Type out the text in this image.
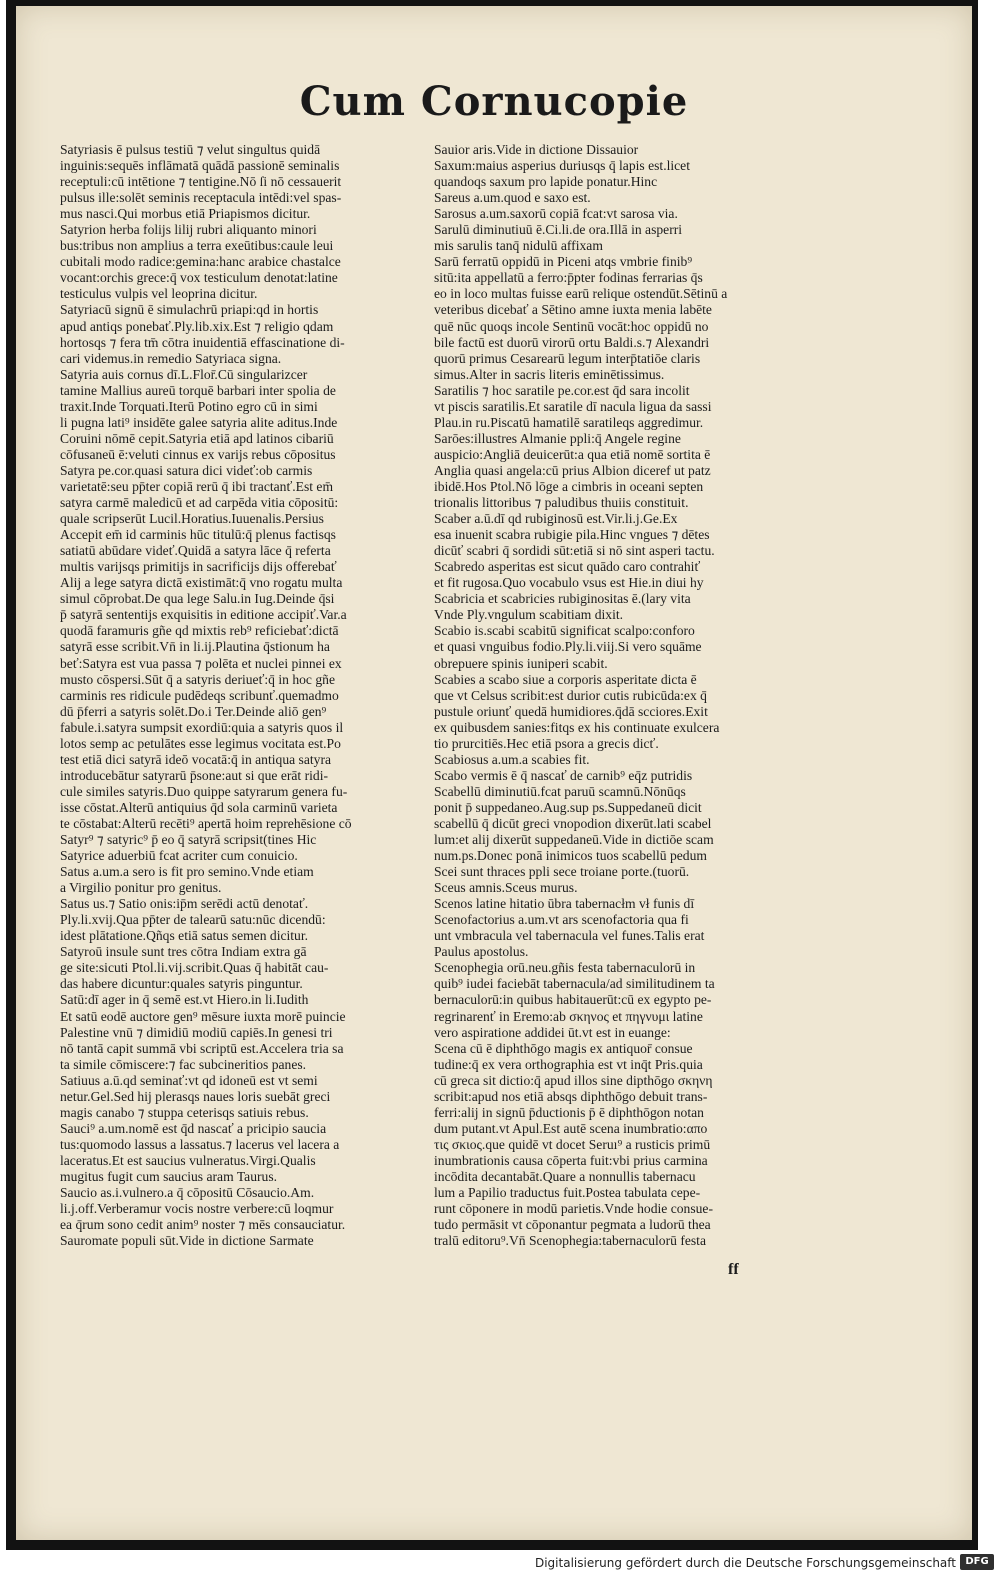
Cum Cornucopie
Satyriasis ē pulsus testiū ⁊ velut singultus quidā
inguinis:sequēs inflāmatā quādā passionē seminalis
receptuli:cū intētione ⁊ tentigine.Nō ſi nō cessauerit
pulsus ille:solēt seminis receptacula intēdi:vel spas-
mus nasci.Qui morbus etiā Priapismos dicitur.
Satyrion herba folijs lilij rubri aliquanto minori
bus:tribus non amplius a terra exeūtibus:caule leui
cubitali modo radice:gemina:hanc arabice chastalce
vocant:orchis grece:q̄ vox testiculum denotat:latine
testiculus vulpis vel leoprina dicitur.
Satyriacū signū ē simulachrū priapi:qd in hortis
apud antiqs ponebať.Ply.lib.xix.Est ⁊ religio qdam
hortosqs ⁊ fera tm̄ cōtra inuidentiā effascinatione di-
cari videmus.in remedio Satyriaca signa.
Satyria auis cornus dī.L.Flor̄.Cū singularizcer
tamine Mallius aureū torquē barbari inter spolia de
traxit.Inde Torquati.Iterū Potino egro cū in simi
li pugna lati⁹ insidēte galee satyria alite aditus.Inde
Coruini nōmē cepit.Satyria etiā apd latinos cibariū
cōfusaneū ē:veluti cinnus ex varijs rebus cōpositus
Satyra pe.cor.quasi satura dici videť:ob carmis
varietatē:seu pp̄ter copiā rerū q̄ ibi tractanť.Est em̄
satyra carmē maledicū et ad carpēda vitia cōpositū:
quale scripserūt Lucil.Horatius.Iuuenalis.Persius
Accepit em̄ id carminis hūc titulū:q̄ plenus factisqs
satiatū abūdare videť.Quidā a satyra lāce q̄ referta
multis varijsqs primitijs in sacrificijs dijs offerebať
Alij a lege satyra dictā existimāt:q̄ vno rogatu multa
simul cōprobat.De qua lege Salu.in Iug.Deinde q̄si
p̄ satyrā sententijs exquisitis in editione accipiť.Var.a
quodā faramuris gñe qd mixtis reb⁹ reficiebať:dictā
satyrā esse scribit.Vn̄ in li.ij.Plautina q̄stionum ha
beť:Satyra est vua passa ⁊ polēta et nuclei pinnei ex
musto cōspersi.Sūt q̄ a satyris deriueť:q̄ in hoc gñe
carminis res ridicule pudēdeqs scribunť.quemadmo
dū p̄ferri a satyris solēt.Do.i Ter.Deinde aliō gen⁹
fabule.i.satyra sumpsit exordiū:quia a satyris quos il
lotos semp ac petulātes esse legimus vocitata est.Po
test etiā dici satyrā ideō vocatā:q̄ in antiqua satyra
introducebātur satyrarū p̄sone:aut si que erāt ridi-
cule similes satyris.Duo quippe satyrarum genera fu-
isse cōstat.Alterū antiquius q̄d sola carminū varieta
te cōstabat:Alterū recēti⁹ apertā hoim reprehēsione cō
Satyr⁹ ⁊ satyric⁹ p̄ eo q̄ satyrā scripsit(tines Hic
Satyrice aduerbiū fcat acriter cum conuicio.
Satus a.um.a sero is fit pro semino.Vnde etiam
a Virgilio ponitur pro genitus.
Satus us.⁊ Satio onis:ip̄m serēdi actū denotať.
Ply.li.xvij.Qua pp̄ter de talearū satu:nūc dicendū:
idest plātatione.Qñqs etiā satus semen dicitur.
Satyroū insule sunt tres cōtra Indiam extra gā
ge site:sicuti Ptol.li.vij.scribit.Quas q̄ habitāt cau-
das habere dicuntur:quales satyris pinguntur.
Satū:dī ager in q̄ semē est.vt Hiero.in li.Iudith
Et satū eodē auctore gen⁹ mēsure iuxta morē puincie
Palestine vnū ⁊ dimidiū modiū capiēs.In genesi tri
nō tantā capit summā vbi scriptū est.Accelera tria sa
ta simile cōmiscere:⁊ fac subcineritios panes.
Satiuus a.ū.qd seminať:vt qd idoneū est vt semi
netur.Gel.Sed hij plerasqs naues loris suebāt greci
magis canabo ⁊ stuppa ceterisqs satiuis rebus.
Sauci⁹ a.um.nomē est q̄d nascať a pricipio saucia
tus:quomodo lassus a lassatus.⁊ lacerus vel lacera a
laceratus.Et est saucius vulneratus.Virgi.Qualis
mugitus fugit cum saucius aram Taurus.
Saucio as.i.vulnero.a q̄ cōpositū Cōsaucio.Am.
li.j.off.Verberamur vocis nostre verbere:cū loqmur
ea q̄rum sono cedit anim⁹ noster ⁊ mēs consauciatur.
Sauromate populi sūt.Vide in dictione Sarmate
Sauior aris.Vide in dictione Dissauior
Saxum:maius asperius duriusqs q̄ lapis est.licet
quandoqs saxum pro lapide ponatur.Hinc
Sareus a.um.quod e saxo est.
Sarosus a.um.saxorū copiā fcat:vt sarosa via.
Sarulū diminutiuū ē.Ci.li.de ora.Illā in asperri
mis sarulis tanq̄ nidulū affixam
Sarū ferratū oppidū in Piceni atqs vmbrie finib⁹
sitū:ita appellatū a ferro:p̄pter fodinas ferrarias q̄s
eo in loco multas fuisse earū relique ostendūt.Sētinū a
veteribus dicebať a Sētino amne iuxta menia labēte
quē nūc quoqs incole Sentinū vocāt:hoc oppidū no
bile factū est duorū virorū ortu Baldi.s.⁊ Alexandri
quorū primus Cesarearū legum interp̄tatiōe claris
simus.Alter in sacris literis eminētissimus.
Saratilis ⁊ hoc saratile pe.cor.est q̄d sara incolit
vt piscis saratilis.Et saratile dī nacula ligua da sassi
Plau.in ru.Piscatū hamatilē saratileqs aggredimur.
Sarōes:illustres Almanie ppli:q̄ Angele regine
auspicio:Angliā deuicerūt:a qua etiā nomē sortita ē
Anglia quasi angela:cū prius Albion diceref ut patz
ibidē.Hos Ptol.Nō lōge a cimbris in oceani septen
trionalis littoribus ⁊ paludibus thuiis constituit.
Scaber a.ū.dī qd rubiginosū est.Vir.li.j.Ge.Ex
esa inuenit scabra rubigie pila.Hinc vngues ⁊ dētes
dicūť scabri q̄ sordidi sūt:etiā si nō sint asperi tactu.
Scabredo asperitas est sicut quādo caro contrahiť
et fit rugosa.Quo vocabulo vsus est Hie.in diui hy
Scabricia et scabricies rubiginositas ē.(lary vita
Vnde Ply.vngulum scabitiam dixit.
Scabio is.scabi scabitū significat scalpo:conforo
et quasi vnguibus fodio.Ply.li.viij.Si vero squāme
obrepuere spinis iuniperi scabit.
Scabies a scabo siue a corporis asperitate dicta ē
que vt Celsus scribit:est durior cutis rubicūda:ex q̄
pustule oriunť quedā humidiores.q̄dā scciores.Exit
ex quibusdem sanies:fitqs ex his continuate exulcera
tio prurcitiēs.Hec etiā psora a grecis dicť.
Scabiosus a.um.a scabies fit.
Scabo vermis ē q̄ nascať de carnib⁹ eq̄z putridis
Scabellū diminutiū.fcat paruū scamnū.Nōnūqs
ponit p̄ suppedaneo.Aug.sup ps.Suppedaneū dicit
scabellū q̄ dicūt greci vnopodion dixerūt.lati scabel
lum:et alij dixerūt suppedaneū.Vide in dictiōe scam
num.ps.Donec ponā inimicos tuos scabellū pedum
Scei sunt thraces ppli sece troiane porte.(tuorū.
Sceus amnis.Sceus murus.
Scenos latine hitatio ūbra tabernacłm vł funis dī
Scenofactorius a.um.vt ars scenofactoria qua fi
unt vmbracula vel tabernacula vel funes.Talis erat
Paulus apostolus.
Scenophegia orū.neu.gñis festa tabernaculorū in
quib⁹ iudei faciebāt tabernacula/ad similitudinem ta
bernaculorū:in quibus habitauerūt:cū ex egypto pe-
regrinarenť in Eremo:ab σκηνος et πηγνυμι latine
vero aspiratione addidei ūt.vt est in euange:
Scena cū ē diphthōgo magis ex antiquor̄ consue
tudine:q̄ ex vera orthographia est vt inq̄t Pris.quia
cū greca sit dictio:q̄ apud illos sine dipthōgo σκηνη
scribit:apud nos etiā absqs diphthōgo debuit trans-
ferri:alij in signū p̄ductionis p̄ ē diphthōgon notan
dum putant.vt Apul.Est autē scena inumbratio:απο
τις σκιος.que quidē vt docet Seruı⁹ a rusticis primū
inumbrationis causa cōperta fuit:vbi prius carmina
incōdita decantabāt.Quare a nonnullis tabernacu
lum a Papilio traductus fuit.Postea tabulata cepe-
runt cōponere in modū parietis.Vnde hodie consue-
tudo permāsit vt cōponantur pegmata a ludorū thea
tralū editoru⁹.Vn̄ Scenophegia:tabernaculorū festa
ff
Digitalisierung gefördert durch die Deutsche Forschungsgemeinschaft DFG
